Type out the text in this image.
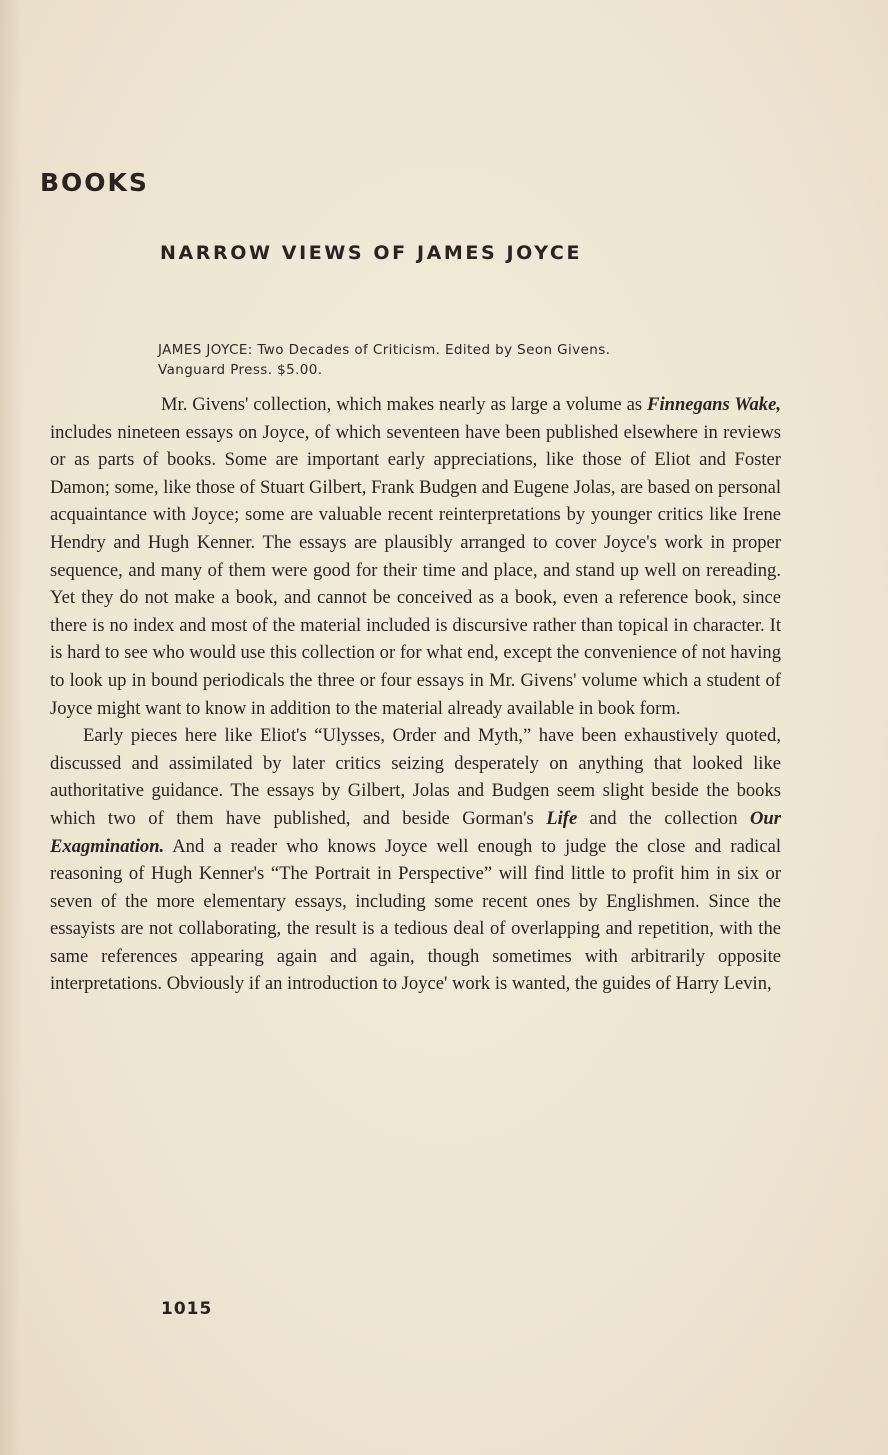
BOOKS
NARROW VIEWS OF JAMES JOYCE
JAMES JOYCE: Two Decades of Criticism. Edited by Seon Givens.
Vanguard Press. $5.00.

Mr. Givens' collection, which makes nearly as large a volume as Finnegans Wake, includes nineteen essays on Joyce, of which seventeen have been published elsewhere in reviews or as parts of books. Some are important early appreciations, like those of Eliot and Foster Damon; some, like those of Stuart Gilbert, Frank Budgen and Eugene Jolas, are based on personal acquaintance with Joyce; some are valuable recent reinterpretations by younger critics like Irene Hendry and Hugh Kenner. The essays are plausibly arranged to cover Joyce's work in proper sequence, and many of them were good for their time and place, and stand up well on rereading. Yet they do not make a book, and cannot be conceived as a book, even a reference book, since there is no index and most of the material included is discursive rather than topical in character. It is hard to see who would use this collection or for what end, except the convenience of not having to look up in bound periodicals the three or four essays in Mr. Givens' volume which a student of Joyce might want to know in addition to the material already available in book form.

Early pieces here like Eliot's “Ulysses, Order and Myth,” have been exhaustively quoted, discussed and assimilated by later critics seizing desperately on anything that looked like authoritative guidance. The essays by Gilbert, Jolas and Budgen seem slight beside the books which two of them have published, and beside Gorman's Life and the collection Our Exagmination. And a reader who knows Joyce well enough to judge the close and radical reasoning of Hugh Kenner's “The Portrait in Perspective” will find little to profit him in six or seven of the more elementary essays, including some recent ones by Englishmen. Since the essayists are not collaborating, the result is a tedious deal of overlapping and repetition, with the same references appearing again and again, though sometimes with arbitrarily opposite interpretations. Obviously if an introduction to Joyce' work is wanted, the guides of Harry Levin,

1015
